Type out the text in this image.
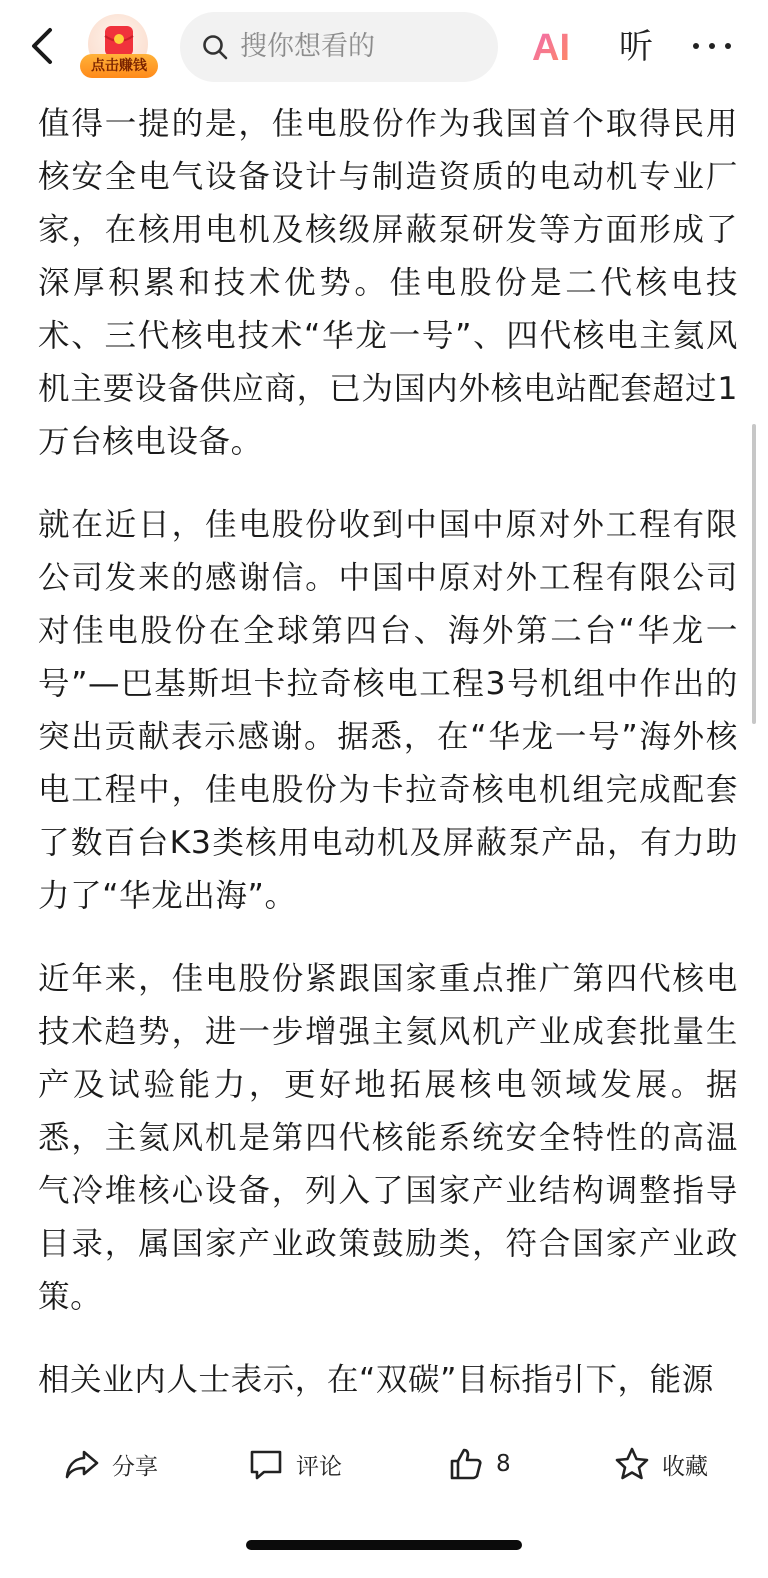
点击赚钱
搜你想看的	AI 听

值得一提的是，佳电股份作为我国首个取得民用核安全电气设备设计与制造资质的电动机专业厂家，在核用电机及核级屏蔽泵研发等方面形成了深厚积累和技术优势。佳电股份是二代核电技术、三代核电技术“华龙一号”、四代核电主氦风机主要设备供应商，已为国内外核电站配套超过1万台核电设备。

就在近日，佳电股份收到中国中原对外工程有限公司发来的感谢信。中国中原对外工程有限公司对佳电股份在全球第四台、海外第二台“华龙一号”—巴基斯坦卡拉奇核电工程3号机组中作出的突出贡献表示感谢。据悉，在“华龙一号”海外核电工程中，佳电股份为卡拉奇核电机组完成配套了数百台K3类核用电动机及屏蔽泵产品，有力助力了“华龙出海”。

近年来，佳电股份紧跟国家重点推广第四代核电技术趋势，进一步增强主氦风机产业成套批量生产及试验能力，更好地拓展核电领域发展。据悉，主氦风机是第四代核能系统安全特性的高温气冷堆核心设备，列入了国家产业结构调整指导目录，属国家产业政策鼓励类，符合国家产业政策。

相关业内人士表示，在“双碳”目标指引下，能源

分享	评论	8	收藏
